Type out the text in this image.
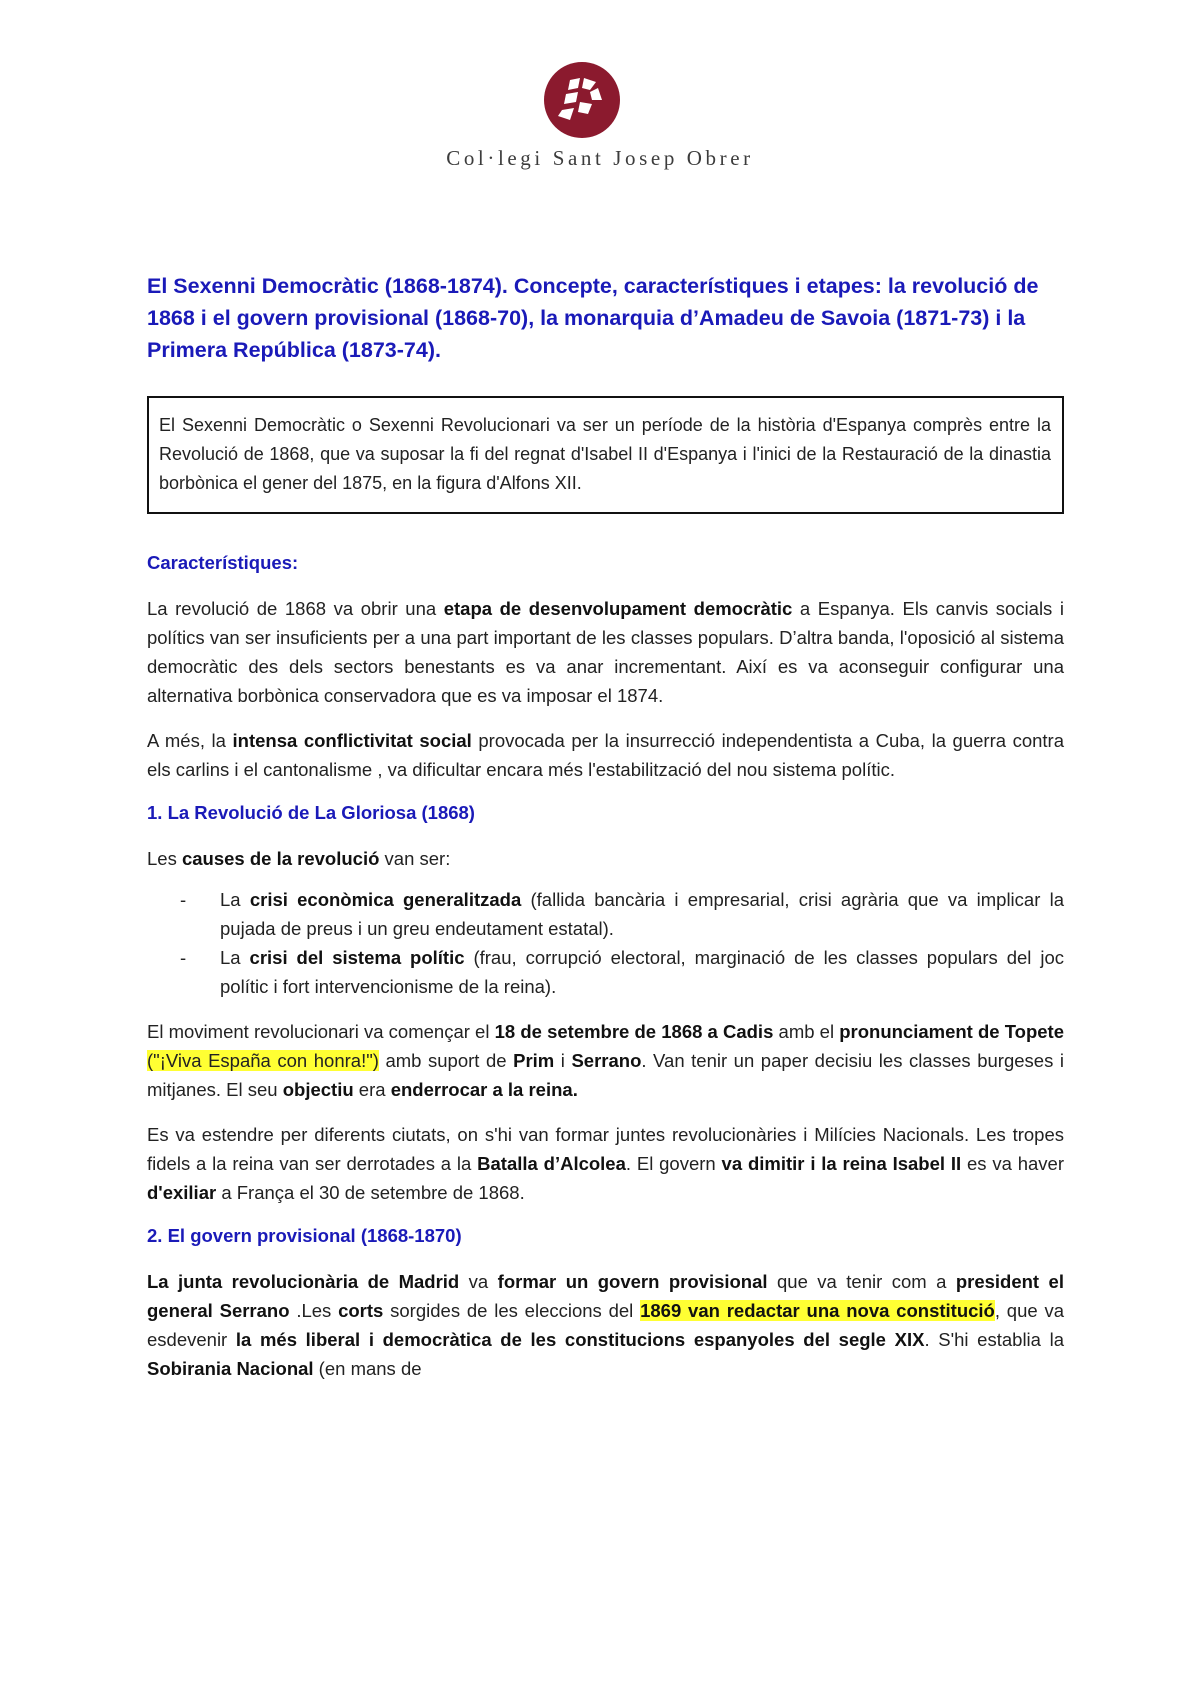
Col·legi Sant Josep Obrer
El Sexenni Democràtic (1868-1874). Concepte, característiques i etapes: la revolució de 1868 i el govern provisional (1868-70), la monarquia d’Amadeu de Savoia (1871-73) i la Primera República (1873-74).
El Sexenni Democràtic o Sexenni Revolucionari va ser un període de la història d'Espanya comprès entre la Revolució de 1868, que va suposar la fi del regnat d'Isabel II d'Espanya i l'inici de la Restauració de la dinastia borbònica el gener del 1875, en la figura d'Alfons XII.
Característiques:

La revolució de 1868 va obrir una etapa de desenvolupament democràtic a Espanya. Els canvis socials i polítics van ser insuficients per a una part important de les classes populars. D’altra banda, l'oposició al sistema democràtic des dels sectors benestants es va anar incrementant. Així es va aconseguir configurar una alternativa borbònica conservadora que es va imposar el 1874.

A més, la intensa conflictivitat social provocada per la insurrecció independentista a Cuba, la guerra contra els carlins i el cantonalisme , va dificultar encara més l'estabilització del nou sistema polític.

1. La Revolució de La Gloriosa (1868)

Les causes de la revolució van ser:

- La crisi econòmica generalitzada (fallida bancària i empresarial, crisi agrària que va implicar la pujada de preus i un greu endeutament estatal).
- La crisi del sistema polític (frau, corrupció electoral, marginació de les classes populars del joc polític i fort intervencionisme de la reina).

El moviment revolucionari va començar el 18 de setembre de 1868 a Cadis amb el pronunciament de Topete ("¡Viva España con honra!") amb suport de Prim i Serrano. Van tenir un paper decisiu les classes burgeses i mitjanes. El seu objectiu era enderrocar a la reina.

Es va estendre per diferents ciutats, on s'hi van formar juntes revolucionàries i Milícies Nacionals. Les tropes fidels a la reina van ser derrotades a la Batalla d’Alcolea. El govern va dimitir i la reina Isabel II es va haver d'exiliar a França el 30 de setembre de 1868.

2. El govern provisional (1868-1870)

La junta revolucionària de Madrid va formar un govern provisional que va tenir com a president el general Serrano .Les corts sorgides de les eleccions del 1869 van redactar una nova constitució, que va esdevenir la més liberal i democràtica de les constitucions espanyoles del segle XIX. S'hi establia la Sobirania Nacional (en mans de
